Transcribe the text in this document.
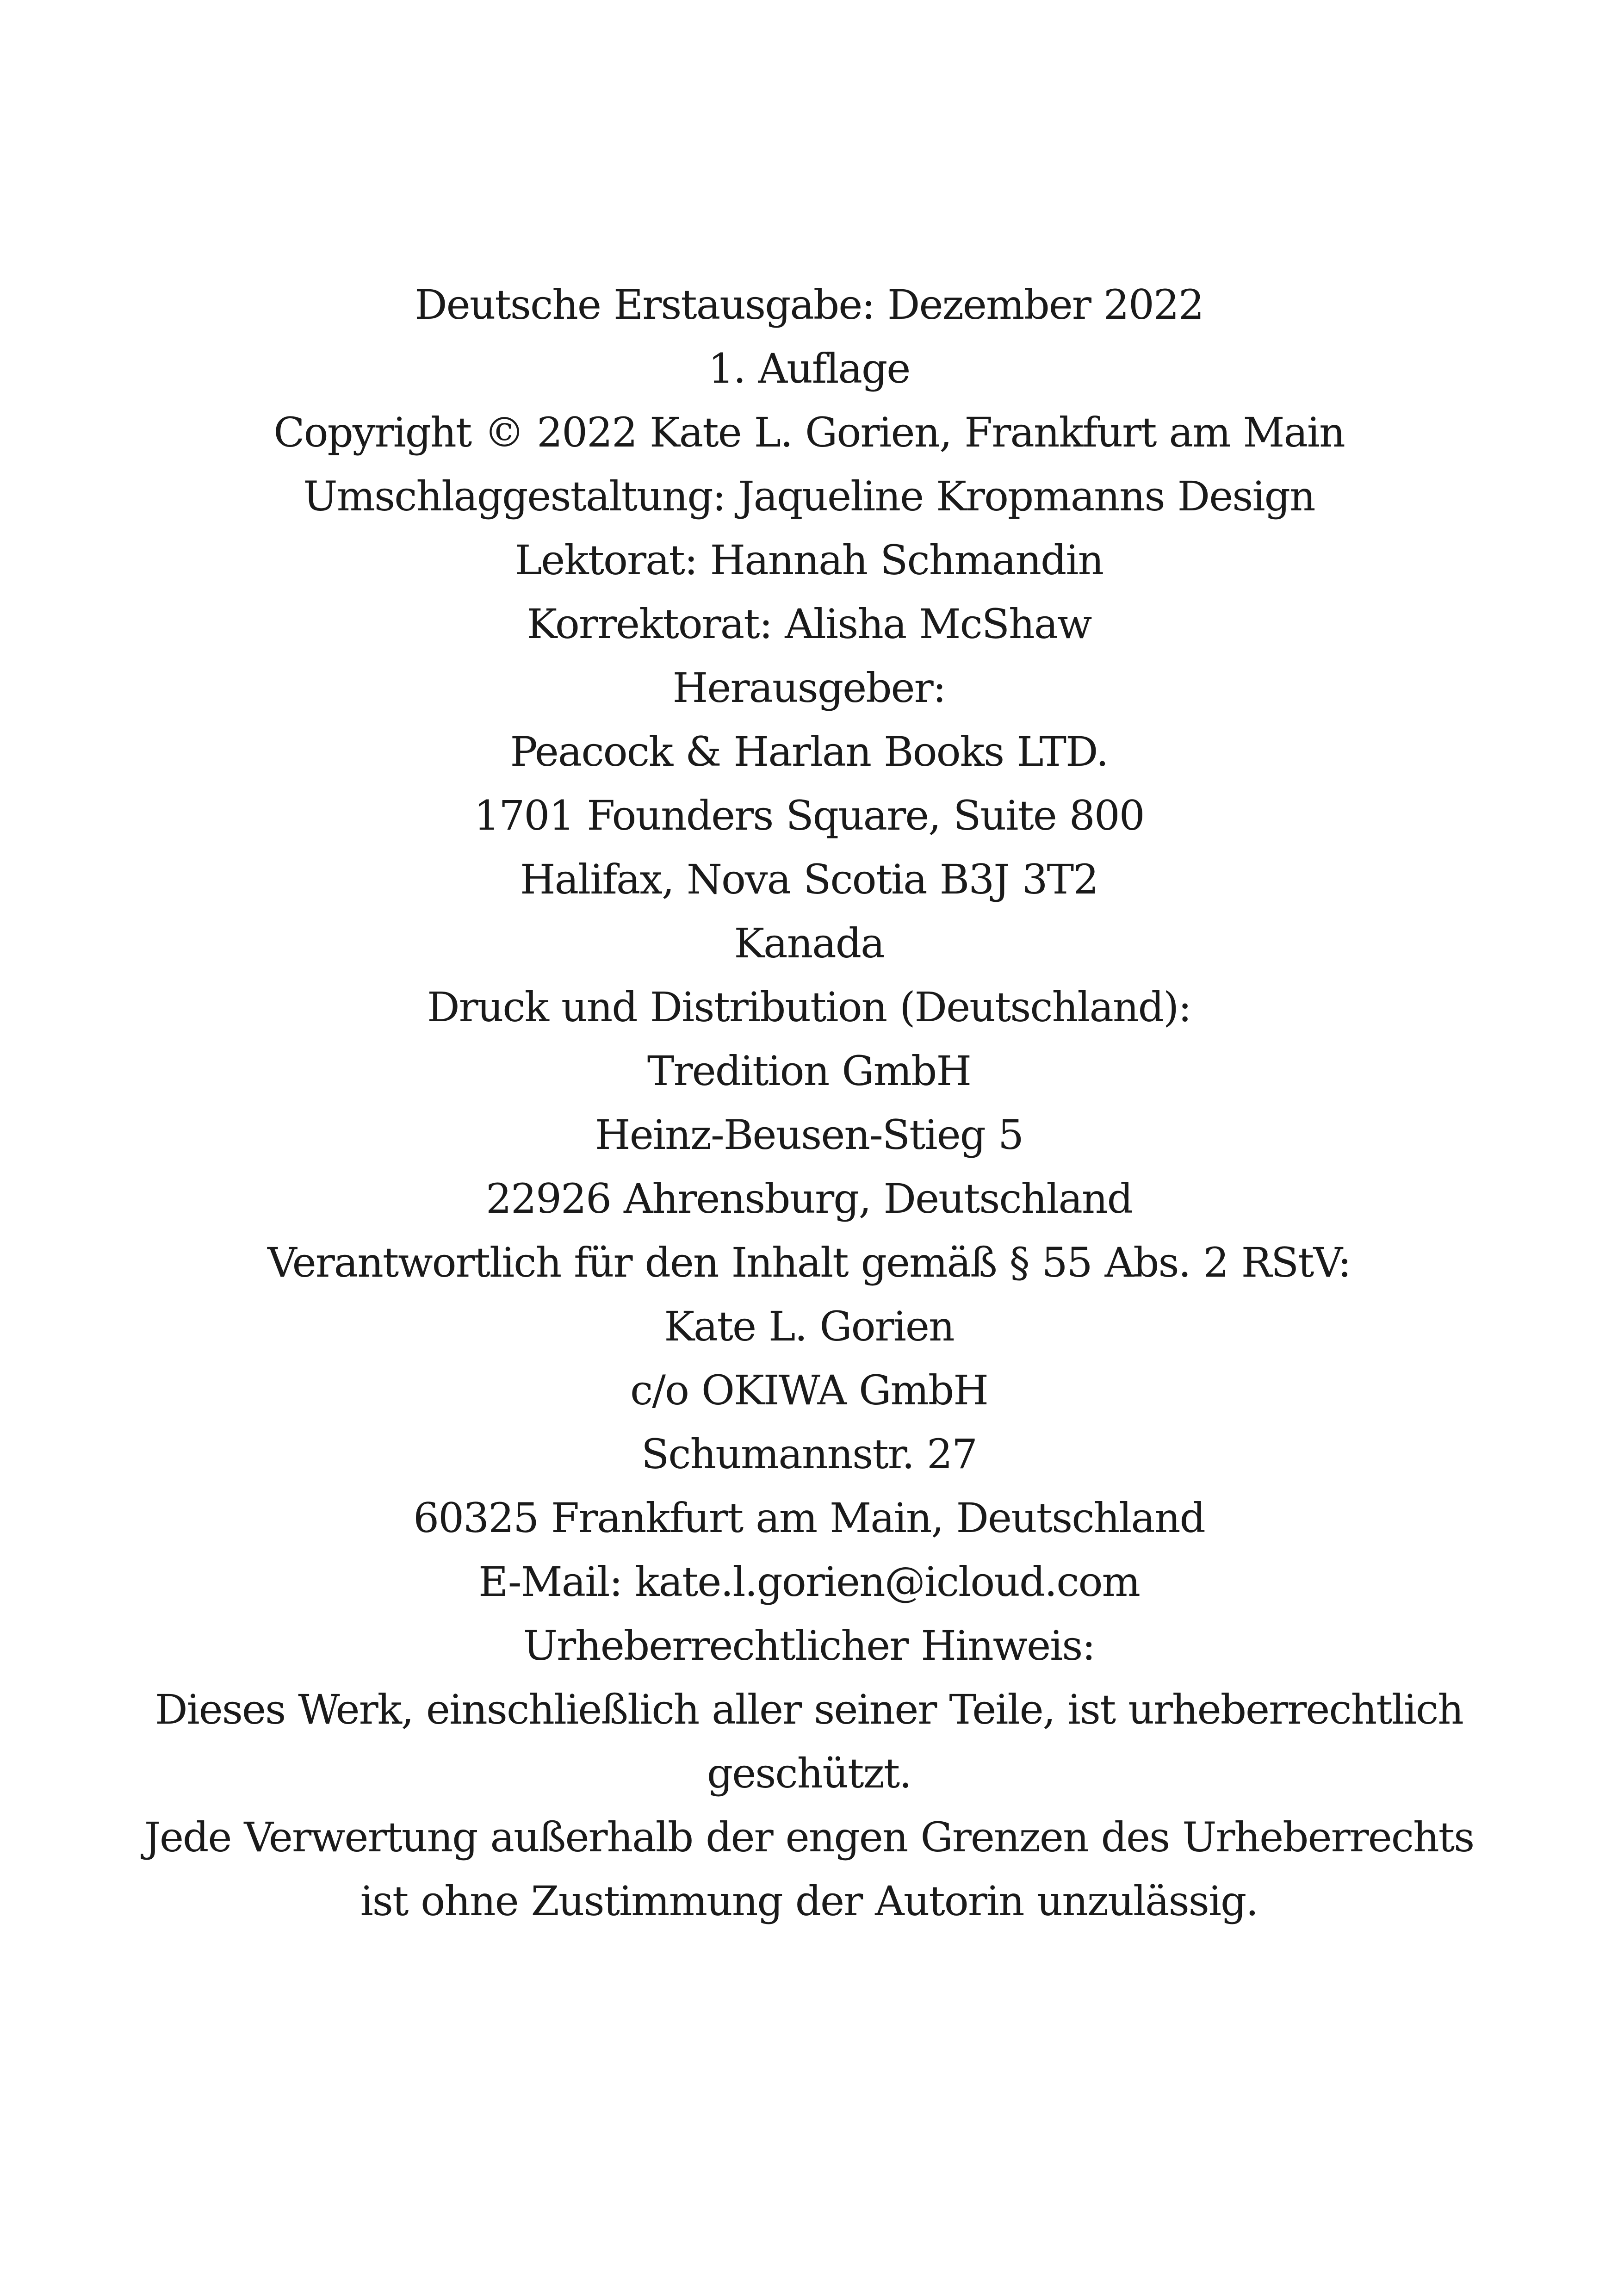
Deutsche Erstausgabe: Dezember 2022
1. Auflage
Copyright © 2022 Kate L. Gorien, Frankfurt am Main
Umschlaggestaltung: Jaqueline Kropmanns Design
Lektorat: Hannah Schmandin
Korrektorat: Alisha McShaw
Herausgeber:
Peacock & Harlan Books LTD.
1701 Founders Square, Suite 800
Halifax, Nova Scotia B3J 3T2
Kanada
Druck und Distribution (Deutschland):
Tredition GmbH
Heinz-Beusen-Stieg 5
22926 Ahrensburg, Deutschland
Verantwortlich für den Inhalt gemäß § 55 Abs. 2 RStV:
Kate L. Gorien
c/o OKIWA GmbH
Schumannstr. 27
60325 Frankfurt am Main, Deutschland
E-Mail: kate.l.gorien@icloud.com
Urheberrechtlicher Hinweis:
Dieses Werk, einschließlich aller seiner Teile, ist urheberrechtlich
geschützt.
Jede Verwertung außerhalb der engen Grenzen des Urheberrechts
ist ohne Zustimmung der Autorin unzulässig.
